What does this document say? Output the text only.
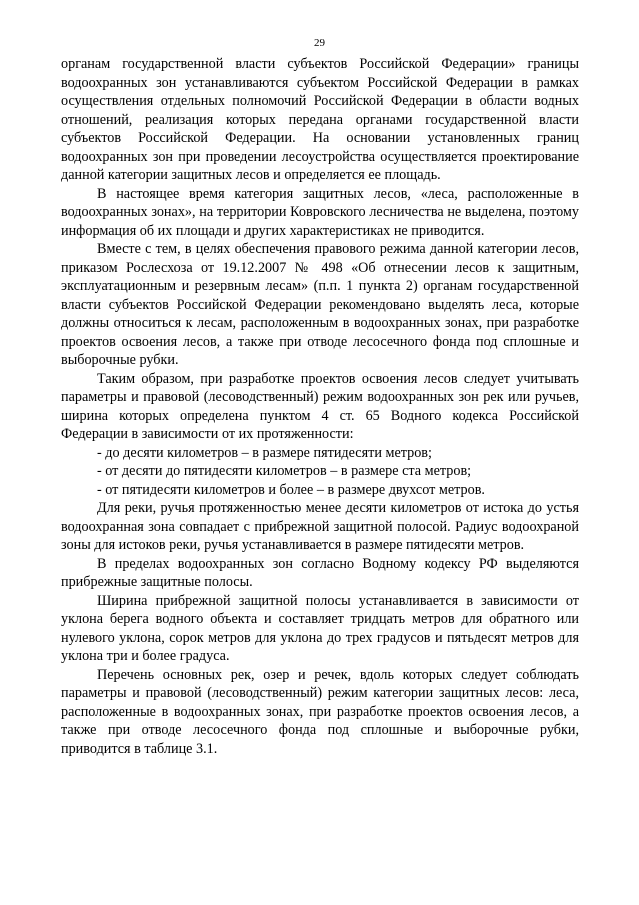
29

органам государственной власти субъектов Российской Федерации» границы водоохранных зон устанавливаются субъектом Российской Федерации в рамках осуществления отдельных полномочий Российской Федерации в области водных отношений, реализация которых передана органами государственной власти субъектов Российской Федерации. На основании установленных границ водоохранных зон при проведении лесоустройства осуществляется проектирование данной категории защитных лесов и определяется ее площадь.

В настоящее время категория защитных лесов, «леса, расположенные в водоохранных зонах», на территории Ковровского лесничества не выделена, поэтому информация об их площади и других характеристиках не приводится.

Вместе с тем, в целях обеспечения правового режима данной категории лесов, приказом Рослесхоза от 19.12.2007 № 498 «Об отнесении лесов к защитным, эксплуатационным и резервным лесам» (п.п. 1 пункта 2) органам государственной власти субъектов Российской Федерации рекомендовано выделять леса, которые должны относиться к лесам, расположенным в водоохранных зонах, при разработке проектов освоения лесов, а также при отводе лесосечного фонда под сплошные и выборочные рубки.

Таким образом, при разработке проектов освоения лесов следует учитывать параметры и правовой (лесоводственный) режим водоохранных зон рек или ручьев, ширина которых определена пунктом 4 ст. 65 Водного кодекса Российской Федерации в зависимости от их протяженности:

- до десяти километров – в размере пятидесяти метров;

- от десяти до пятидесяти километров – в размере ста метров;

- от пятидесяти километров и более – в размере двухсот метров.

Для реки, ручья протяженностью менее десяти километров от истока до устья водоохранная зона совпадает с прибрежной защитной полосой. Радиус водоохраной зоны для истоков реки, ручья устанавливается в размере пятидесяти метров.

В пределах водоохранных зон согласно Водному кодексу РФ выделяются прибрежные защитные полосы.

Ширина прибрежной защитной полосы устанавливается в зависимости от уклона берега водного объекта и составляет тридцать метров для обратного или нулевого уклона, сорок метров для уклона до трех градусов и пятьдесят метров для уклона три и более градуса.

Перечень основных рек, озер и речек, вдоль которых следует соблюдать параметры и правовой (лесоводственный) режим категории защитных лесов: леса, расположенные в водоохранных зонах, при разработке проектов освоения лесов, а также при отводе лесосечного фонда под сплошные и выборочные рубки, приводится в таблице 3.1.
